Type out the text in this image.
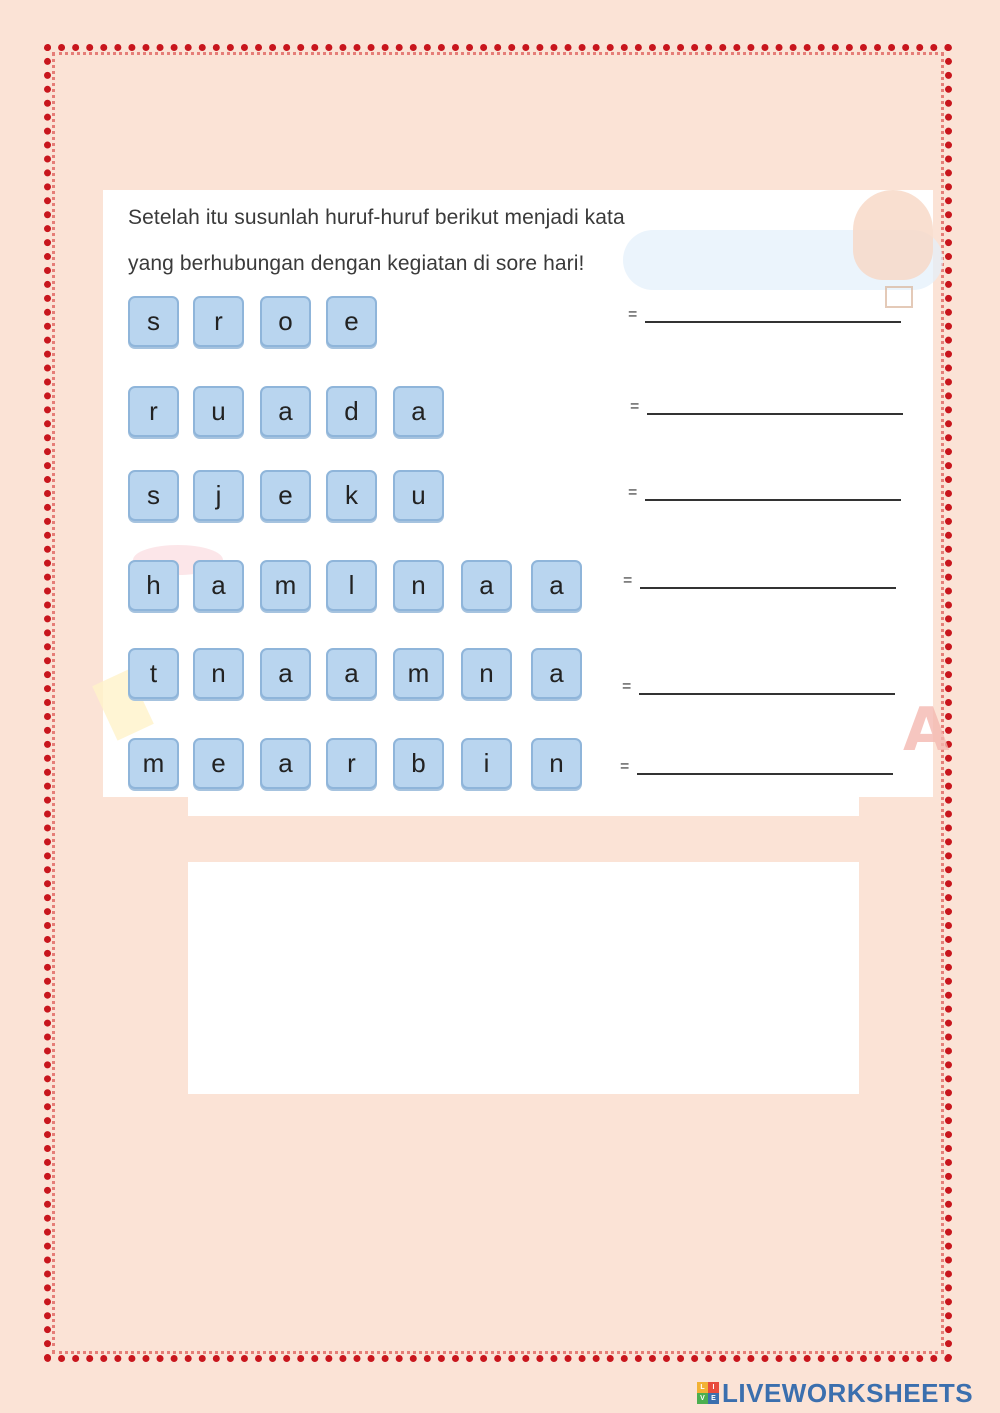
A
Setelah itu susunlah huruf-huruf berikut menjadi kata
yang berhubungan dengan kegiatan di sore hari!
s	r	o	e	=
r	u	a	d	a	=
s	j	e	k	u	=
h	a	m	l	n	a	a	=
t	n	a	a	m	n	a	=
m	e	a	r	b	i	n	=
L	I
V E LIVEWORKSHEETS
